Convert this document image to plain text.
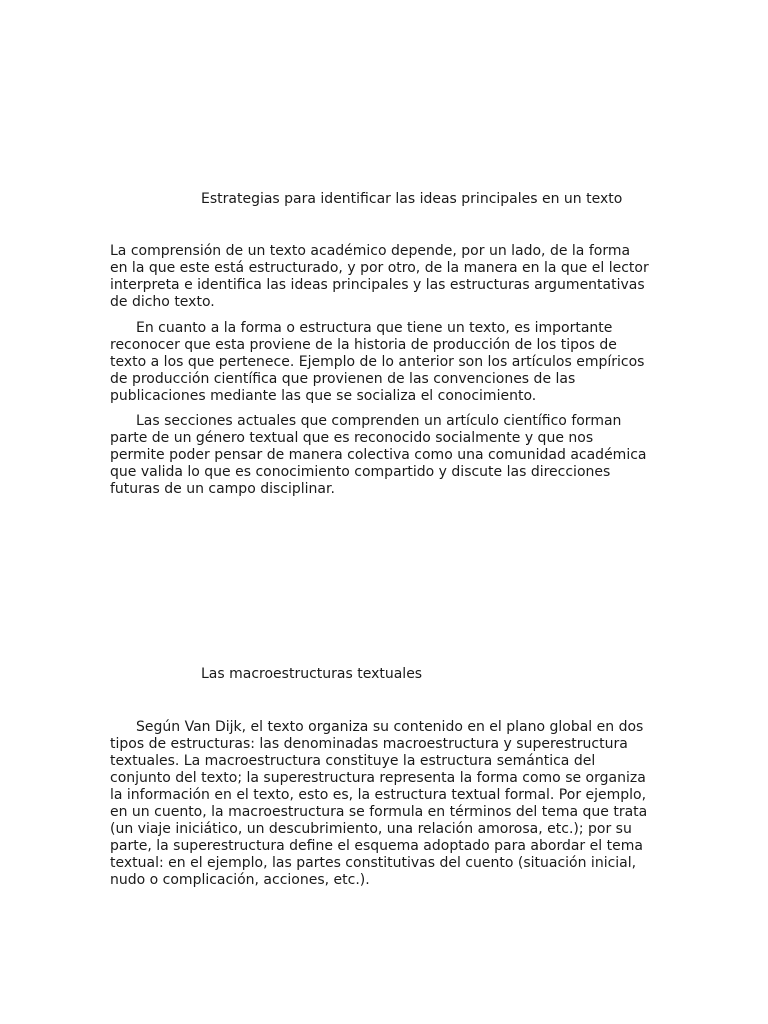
Estrategias para identificar las ideas principales en un texto
La comprensión de un texto académico depende, por un lado, de la forma
en la que este está estructurado, y por otro, de la manera en la que el lector
interpreta e identifica las ideas principales y las estructuras argumentativas
de dicho texto.
En cuanto a la forma o estructura que tiene un texto, es importante
reconocer que esta proviene de la historia de producción de los tipos de
texto a los que pertenece. Ejemplo de lo anterior son los artículos empíricos
de producción científica que provienen de las convenciones de las
publicaciones mediante las que se socializa el conocimiento.
Las secciones actuales que comprenden un artículo científico forman
parte de un género textual que es reconocido socialmente y que nos
permite poder pensar de manera colectiva como una comunidad académica
que valida lo que es conocimiento compartido y discute las direcciones
futuras de un campo disciplinar.
Las macroestructuras textuales
Según Van Dijk, el texto organiza su contenido en el plano global en dos
tipos de estructuras: las denominadas macroestructura y superestructura
textuales. La macroestructura constituye la estructura semántica del
conjunto del texto; la superestructura representa la forma como se organiza
la información en el texto, esto es, la estructura textual formal. Por ejemplo,
en un cuento, la macroestructura se formula en términos del tema que trata
(un viaje iniciático, un descubrimiento, una relación amorosa, etc.); por su
parte, la superestructura define el esquema adoptado para abordar el tema
textual: en el ejemplo, las partes constitutivas del cuento (situación inicial,
nudo o complicación, acciones, etc.).
